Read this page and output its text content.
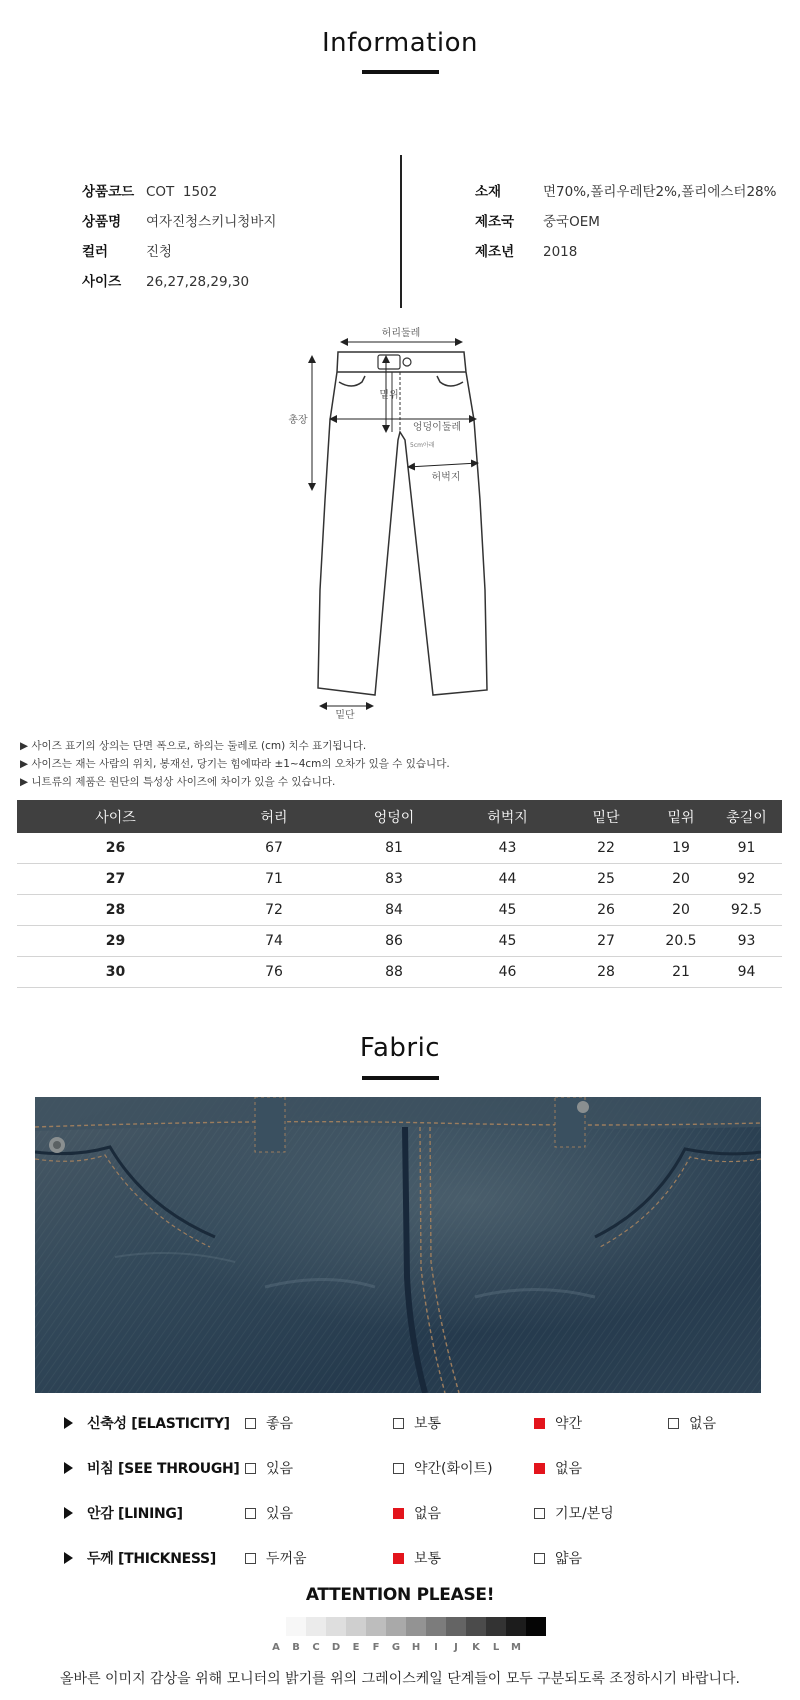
Information
상품코드 COT  1502
상품명 여자진청스키니청바지
컬러	진청
사이즈 26,27,28,29,30
소재	면70%,폴리우레탄2%,폴리에스터28%
제조국 중국OEM
제조년 2018
허리둘레
밑위
엉덩이둘레
허벅지
5cm아래
총장
밑단
▶ 사이즈 표기의 상의는 단면 폭으로, 하의는 둘레로 (cm) 치수 표기됩니다.
▶ 사이즈는 재는 사람의 위치, 봉재선, 당기는 힘에따라 ±1~4cm의 오차가 있을 수 있습니다.
▶ 니트류의 제품은 원단의 특성상 사이즈에 차이가 있을 수 있습니다.
사이즈	허리	엉덩이	허벅지	밑단	밑위	총길이
26	67	81	43	22	19	91
27	71	83	44	25	20	92
28	72	84	45	26	20	92.5
29	74	86	45	27	20.5	93
30	76	88	46	28	21	94
Fabric
신축성 [ELASTICITY]	좋음	보통	약간	없음
비침 [SEE THROUGH]	있음	약간(화이트)	없음
안감 [LINING]	있음	없음	기모/본딩
두께 [THICKNESS]	두꺼움	보통	얇음
ATTENTION PLEASE!
A	B	C	D	E	F	G	H	I	J	K	L	M
올바른 이미지 감상을 위해 모니터의 밝기를 위의 그레이스케일 단계들이 모두 구분되도록 조정하시기 바랍니다.
